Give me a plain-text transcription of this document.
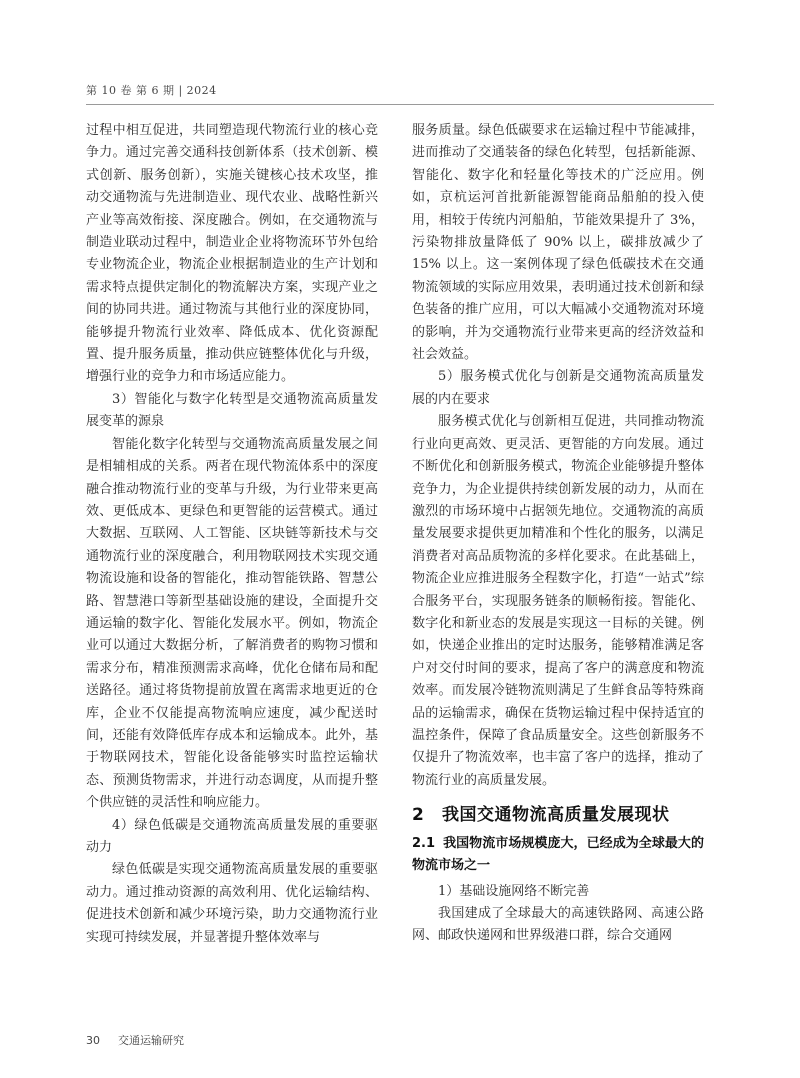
第 10 卷 第 6 期 | 2024

过程中相互促进，共同塑造现代物流行业的核心竞争力。通过完善交通科技创新体系（技术创新、模式创新、服务创新），实施关键核心技术攻坚，推动交通物流与先进制造业、现代农业、战略性新兴产业等高效衔接、深度融合。例如，在交通物流与制造业联动过程中，制造业企业将物流环节外包给专业物流企业，物流企业根据制造业的生产计划和需求特点提供定制化的物流解决方案，实现产业之间的协同共进。通过物流与其他行业的深度协同，能够提升物流行业效率、降低成本、优化资源配置、提升服务质量，推动供应链整体优化与升级，增强行业的竞争力和市场适应能力。

3）智能化与数字化转型是交通物流高质量发展变革的源泉

智能化数字化转型与交通物流高质量发展之间是相辅相成的关系。两者在现代物流体系中的深度融合推动物流行业的变革与升级，为行业带来更高效、更低成本、更绿色和更智能的运营模式。通过大数据、互联网、人工智能、区块链等新技术与交通物流行业的深度融合，利用物联网技术实现交通物流设施和设备的智能化，推动智能铁路、智慧公路、智慧港口等新型基础设施的建设，全面提升交通运输的数字化、智能化发展水平。例如，物流企业可以通过大数据分析，了解消费者的购物习惯和需求分布，精准预测需求高峰，优化仓储布局和配送路径。通过将货物提前放置在离需求地更近的仓库，企业不仅能提高物流响应速度，减少配送时间，还能有效降低库存成本和运输成本。此外，基于物联网技术，智能化设备能够实时监控运输状态、预测货物需求，并进行动态调度，从而提升整个供应链的灵活性和响应能力。

4）绿色低碳是交通物流高质量发展的重要驱动力

绿色低碳是实现交通物流高质量发展的重要驱动力。通过推动资源的高效利用、优化运输结构、促进技术创新和减少环境污染，助力交通物流行业实现可持续发展，并显著提升整体效率与

服务质量。绿色低碳要求在运输过程中节能减排，进而推动了交通装备的绿色化转型，包括新能源、智能化、数字化和轻量化等技术的广泛应用。例如，京杭运河首批新能源智能商品船舶的投入使用，相较于传统内河船舶，节能效果提升了 3%，污染物排放量降低了 90% 以上，碳排放减少了 15% 以上。这一案例体现了绿色低碳技术在交通物流领域的实际应用效果，表明通过技术创新和绿色装备的推广应用，可以大幅减小交通物流对环境的影响，并为交通物流行业带来更高的经济效益和社会效益。

5）服务模式优化与创新是交通物流高质量发展的内在要求

服务模式优化与创新相互促进，共同推动物流行业向更高效、更灵活、更智能的方向发展。通过不断优化和创新服务模式，物流企业能够提升整体竞争力，为企业提供持续创新发展的动力，从而在激烈的市场环境中占据领先地位。交通物流的高质量发展要求提供更加精准和个性化的服务，以满足消费者对高品质物流的多样化要求。在此基础上，物流企业应推进服务全程数字化，打造“一站式”综合服务平台，实现服务链条的顺畅衔接。智能化、数字化和新业态的发展是实现这一目标的关键。例如，快递企业推出的定时达服务，能够精准满足客户对交付时间的要求，提高了客户的满意度和物流效率。而发展冷链物流则满足了生鲜食品等特殊商品的运输需求，确保在货物运输过程中保持适宜的温控条件，保障了食品质量安全。这些创新服务不仅提升了物流效率，也丰富了客户的选择，推动了物流行业的高质量发展。

2 我国交通物流高质量发展现状
2.1 我国物流市场规模庞大，已经成为全球最大的物流市场之一

1）基础设施网络不断完善

我国建成了全球最大的高速铁路网、高速公路网、邮政快递网和世界级港口群，综合交通网

30 交通运输研究
